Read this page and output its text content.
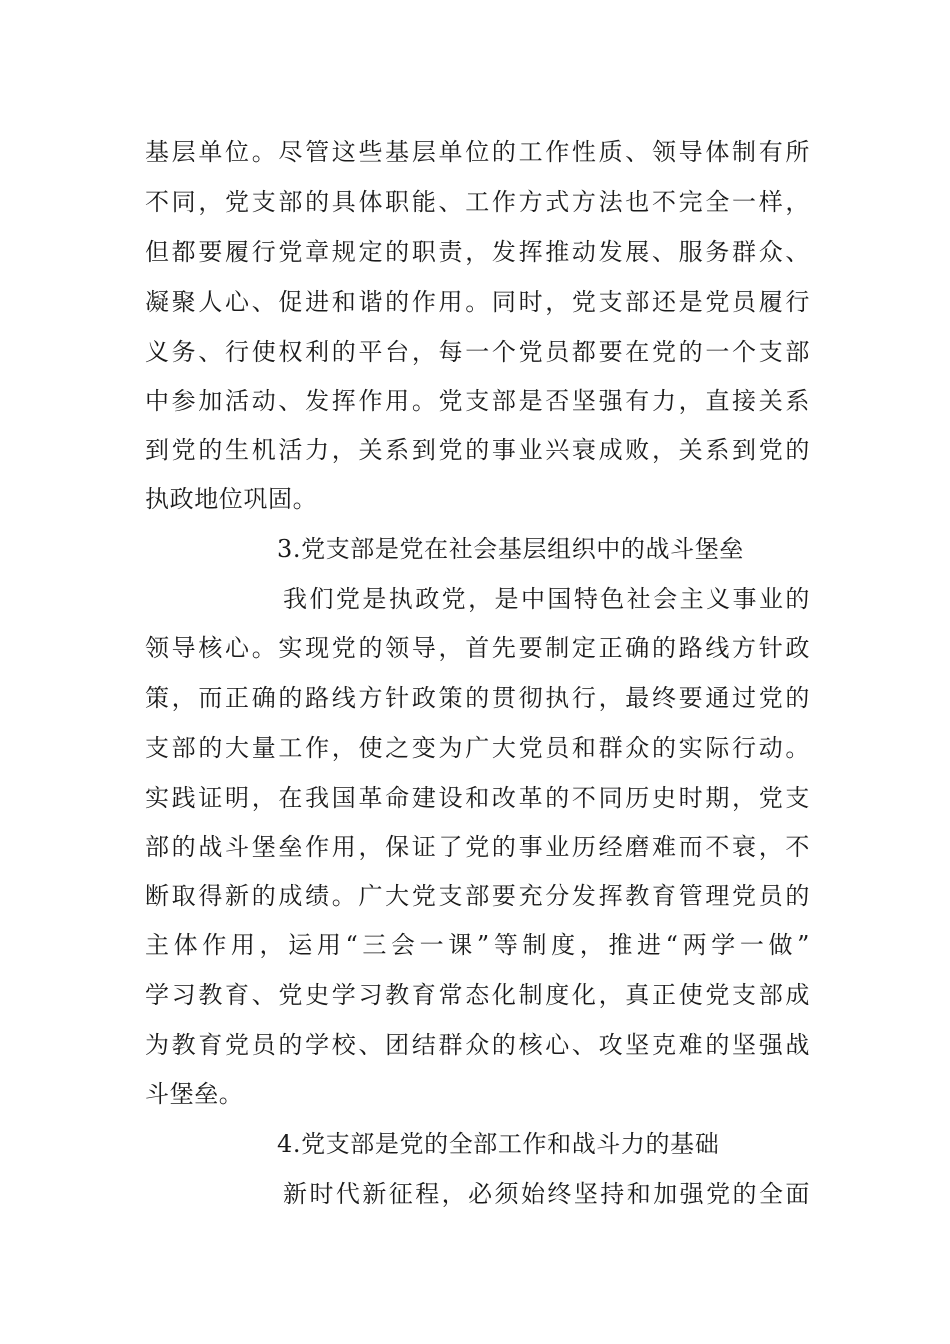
基层单位。尽管这些基层单位的工作性质、领导体制有所
不同，党支部的具体职能、工作方式方法也不完全一样，
但都要履行党章规定的职责，发挥推动发展、服务群众、
凝聚人心、促进和谐的作用。同时，党支部还是党员履行
义务、行使权利的平台，每一个党员都要在党的一个支部
中参加活动、发挥作用。党支部是否坚强有力，直接关系
到党的生机活力，关系到党的事业兴衰成败，关系到党的
执政地位巩固。
3.党支部是党在社会基层组织中的战斗堡垒
我们党是执政党，是中国特色社会主义事业的
领导核心。实现党的领导，首先要制定正确的路线方针政
策，而正确的路线方针政策的贯彻执行，最终要通过党的
支部的大量工作，使之变为广大党员和群众的实际行动。
实践证明，在我国革命建设和改革的不同历史时期，党支
部的战斗堡垒作用，保证了党的事业历经磨难而不衰，不
断取得新的成绩。广大党支部要充分发挥教育管理党员的
主体作用，运用“三会一课”等制度，推进“两学一做”
学习教育、党史学习教育常态化制度化，真正使党支部成
为教育党员的学校、团结群众的核心、攻坚克难的坚强战
斗堡垒。
4.党支部是党的全部工作和战斗力的基础
新时代新征程，必须始终坚持和加强党的全面
